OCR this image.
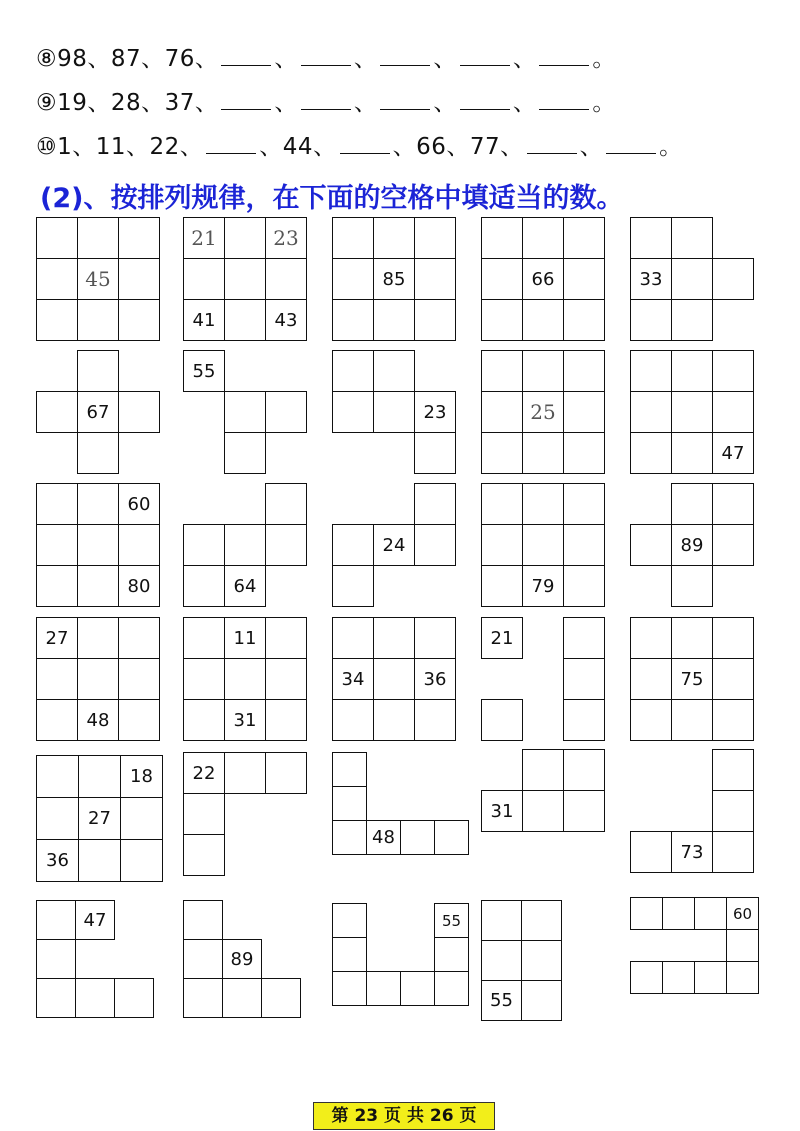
⑧98、87、76、 、 、 、 、 。
⑨19、28、37、 、 、 、 、 。
⑩1、11、22、 、44、 、66、77、 、 。
(2)、按排列规律，在下面的空格中填适当的数。
45
21	23
41	43
85	66	33
67
55
23	25
47
60
80	64
24
79
89
27
48
11
31
34	36
21
75
18
27
36
22
48
31
73
47
89
55
55
60
第 23 页 共 26 页
